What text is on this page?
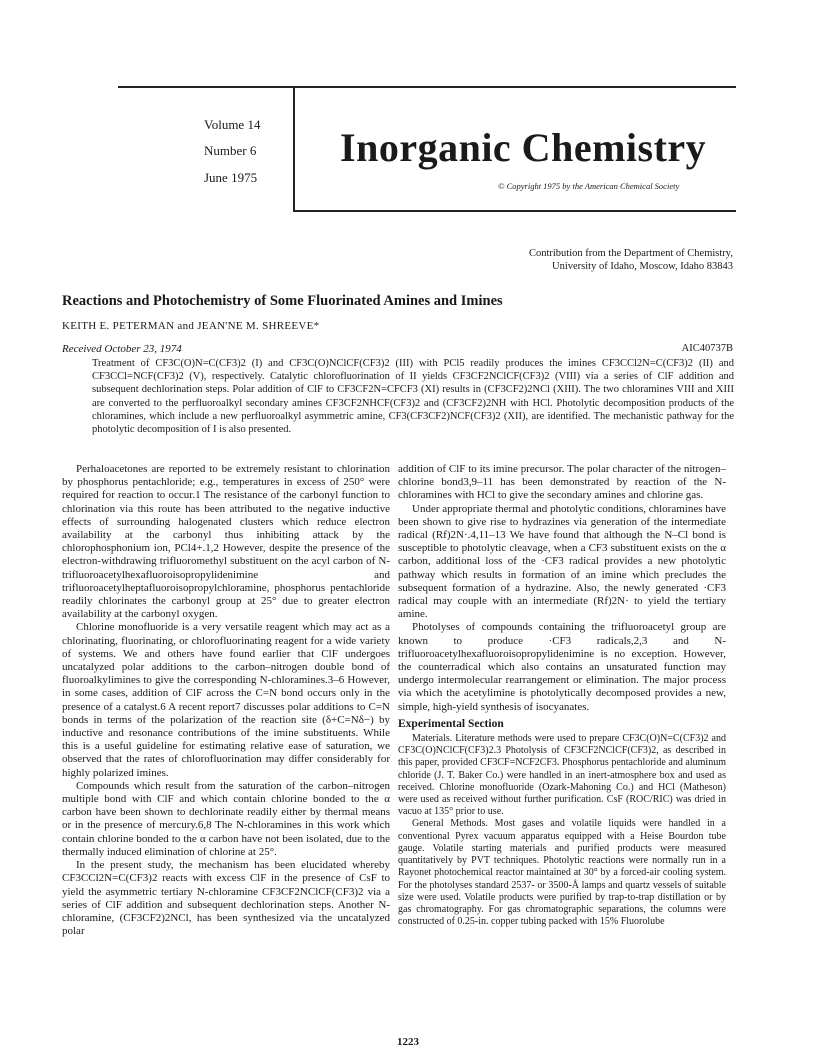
Volume 14
Number 6
June 1975
Inorganic Chemistry
© Copyright 1975 by the American Chemical Society
Contribution from the Department of Chemistry,
University of Idaho, Moscow, Idaho 83843
Reactions and Photochemistry of Some Fluorinated Amines and Imines
KEITH E. PETERMAN and JEAN'NE M. SHREEVE*
Received October 23, 1974	AIC40737B
Treatment of CF3C(O)N=C(CF3)2 (I) and CF3C(O)NClCF(CF3)2 (III) with PCl5 readily produces the imines CF3CCl2N=C(CF3)2 (II) and CF3CCl=NCF(CF3)2 (V), respectively. Catalytic chlorofluorination of II yields CF3CF2NClCF(CF3)2 (VIII) via a series of ClF addition and subsequent dechlorination steps. Polar addition of ClF to CF3CF2N=CFCF3 (XI) results in (CF3CF2)2NCl (XIII). The two chloramines VIII and XIII are converted to the perfluoroalkyl secondary amines CF3CF2NHCF(CF3)2 and (CF3CF2)2NH with HCl. Photolytic decomposition products of the chloramines, which include a new perfluoroalkyl asymmetric amine, CF3(CF3CF2)NCF(CF3)2 (XII), are identified. The mechanistic pathway for the photolytic decomposition of I is also presented.

Perhaloacetones are reported to be extremely resistant to chlorination by phosphorus pentachloride; e.g., temperatures in excess of 250° were required for reaction to occur.1 The resistance of the carbonyl function to chlorination via this route has been attributed to the negative inductive effects of surrounding halogenated clusters which reduce electron availability at the carbonyl thus inhibiting attack by the chlorophosphonium ion, PCl4+.1,2 However, despite the presence of the electron-withdrawing trifluoromethyl substituent on the acyl carbon of N-trifluoroacetylhexafluoroisopropylidenimine and trifluoroacetylheptafluoroisopropylchloramine, phosphorus pentachloride readily chlorinates the carbonyl group at 25° due to greater electron availability at the carbonyl oxygen.

Chlorine monofluoride is a very versatile reagent which may act as a chlorinating, fluorinating, or chlorofluorinating reagent for a wide variety of systems. We and others have found earlier that ClF undergoes uncatalyzed polar additions to the carbon–nitrogen double bond of fluoroalkylimines to give the corresponding N-chloramines.3–6 However, in some cases, addition of ClF across the C=N bond occurs only in the presence of a catalyst.6 A recent report7 discusses polar additions to C=N bonds in terms of the polarization of the reaction site (δ+C=Nδ−) by inductive and resonance contributions of the imine substituents. While this is a useful guideline for estimating relative ease of saturation, we observed that the rates of chlorofluorination may differ considerably for highly polarized imines.

Compounds which result from the saturation of the carbon–nitrogen multiple bond with ClF and which contain chlorine bonded to the α carbon have been shown to dechlorinate readily either by thermal means or in the presence of mercury.6,8 The N-chloramines in this work which contain chlorine bonded to the α carbon have not been isolated, due to the thermally induced elimination of chlorine at 25°.

In the present study, the mechanism has been elucidated whereby CF3CCl2N=C(CF3)2 reacts with excess ClF in the presence of CsF to yield the asymmetric tertiary N-chloramine CF3CF2NClCF(CF3)2 via a series of ClF addition and subsequent dechlorination steps. Another N-chloramine, (CF3CF2)2NCl, has been synthesized via the uncatalyzed polar

addition of ClF to its imine precursor. The polar character of the nitrogen–chlorine bond3,9–11 has been demonstrated by reaction of the N-chloramines with HCl to give the secondary amines and chlorine gas.

Under appropriate thermal and photolytic conditions, chloramines have been shown to give rise to hydrazines via generation of the intermediate radical (Rf)2N·.4,11–13 We have found that although the N–Cl bond is susceptible to photolytic cleavage, when a CF3 substituent exists on the α carbon, additional loss of the ·CF3 radical provides a new photolytic pathway which results in formation of an imine which precludes the subsequent formation of a hydrazine. Also, the newly generated ·CF3 radical may couple with an intermediate (Rf)2N· to yield the tertiary amine.

Photolyses of compounds containing the trifluoroacetyl group are known to produce ·CF3 radicals,2,3 and N-trifluoroacetylhexafluoroisopropylidenimine is no exception. However, the counterradical which also contains an unsaturated function may undergo intermolecular rearrangement or elimination. The major process via which the acetylimine is photolytically decomposed provides a new, simple, high-yield synthesis of isocyanates.

Experimental Section

Materials. Literature methods were used to prepare CF3C(O)N=C(CF3)2 and CF3C(O)NClCF(CF3)2.3 Photolysis of CF3CF2NClCF(CF3)2, as described in this paper, provided CF3CF=NCF2CF3. Phosphorus pentachloride and aluminum chloride (J. T. Baker Co.) were handled in an inert-atmosphere box and used as received. Chlorine monofluoride (Ozark-Mahoning Co.) and HCl (Matheson) were used as received without further purification. CsF (ROC/RIC) was dried in vacuo at 135° prior to use.

General Methods. Most gases and volatile liquids were handled in a conventional Pyrex vacuum apparatus equipped with a Heise Bourdon tube gauge. Volatile starting materials and purified products were measured quantitatively by PVT techniques. Photolytic reactions were normally run in a Rayonet photochemical reactor maintained at 30° by a forced-air cooling system. For the photolyses standard 2537- or 3500-Å lamps and quartz vessels of suitable size were used. Volatile products were purified by trap-to-trap distillation or by gas chromatography. For gas chromatographic separations, the columns were constructed of 0.25-in. copper tubing packed with 15% Fluorolube

1223
